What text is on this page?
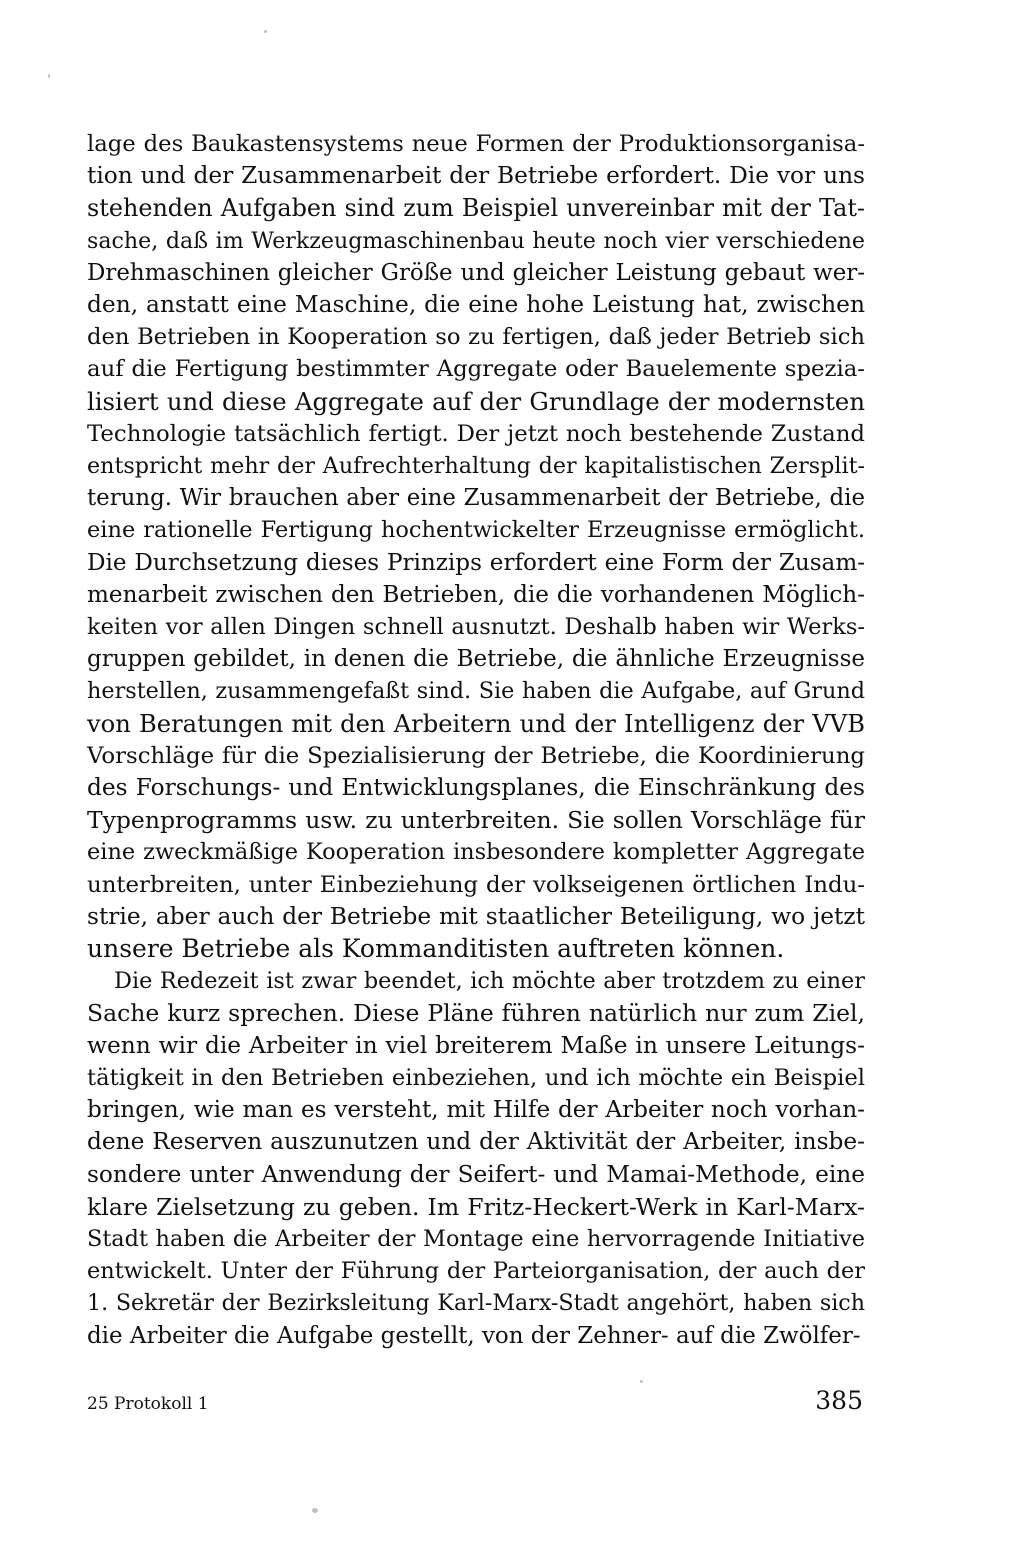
lage des Baukastensystems neue Formen der Produktionsorganisa-
tion und der Zusammenarbeit der Betriebe erfordert. Die vor uns
stehenden Aufgaben sind zum Beispiel unvereinbar mit der Tat-
sache, daß im Werkzeugmaschinenbau heute noch vier verschiedene
Drehmaschinen gleicher Größe und gleicher Leistung gebaut wer-
den, anstatt eine Maschine, die eine hohe Leistung hat, zwischen
den Betrieben in Kooperation so zu fertigen, daß jeder Betrieb sich
auf die Fertigung bestimmter Aggregate oder Bauelemente spezia-
lisiert und diese Aggregate auf der Grundlage der modernsten
Technologie tatsächlich fertigt. Der jetzt noch bestehende Zustand
entspricht mehr der Aufrechterhaltung der kapitalistischen Zersplit-
terung. Wir brauchen aber eine Zusammenarbeit der Betriebe, die
eine rationelle Fertigung hochentwickelter Erzeugnisse ermöglicht.
Die Durchsetzung dieses Prinzips erfordert eine Form der Zusam-
menarbeit zwischen den Betrieben, die die vorhandenen Möglich-
keiten vor allen Dingen schnell ausnutzt. Deshalb haben wir Werks-
gruppen gebildet, in denen die Betriebe, die ähnliche Erzeugnisse
herstellen, zusammengefaßt sind. Sie haben die Aufgabe, auf Grund
von Beratungen mit den Arbeitern und der Intelligenz der VVB
Vorschläge für die Spezialisierung der Betriebe, die Koordinierung
des Forschungs- und Entwicklungsplanes, die Einschränkung des
Typenprogramms usw. zu unterbreiten. Sie sollen Vorschläge für
eine zweckmäßige Kooperation insbesondere kompletter Aggregate
unterbreiten, unter Einbeziehung der volkseigenen örtlichen Indu-
strie, aber auch der Betriebe mit staatlicher Beteiligung, wo jetzt
unsere Betriebe als Kommanditisten auftreten können.

Die Redezeit ist zwar beendet, ich möchte aber trotzdem zu einer
Sache kurz sprechen. Diese Pläne führen natürlich nur zum Ziel,
wenn wir die Arbeiter in viel breiterem Maße in unsere Leitungs-
tätigkeit in den Betrieben einbeziehen, und ich möchte ein Beispiel
bringen, wie man es versteht, mit Hilfe der Arbeiter noch vorhan-
dene Reserven auszunutzen und der Aktivität der Arbeiter, insbe-
sondere unter Anwendung der Seifert- und Mamai-Methode, eine
klare Zielsetzung zu geben. Im Fritz-Heckert-Werk in Karl-Marx-
Stadt haben die Arbeiter der Montage eine hervorragende Initiative
entwickelt. Unter der Führung der Parteiorganisation, der auch der
1. Sekretär der Bezirksleitung Karl-Marx-Stadt angehört, haben sich
die Arbeiter die Aufgabe gestellt, von der Zehner- auf die Zwölfer-

25 Protokoll 1	385
